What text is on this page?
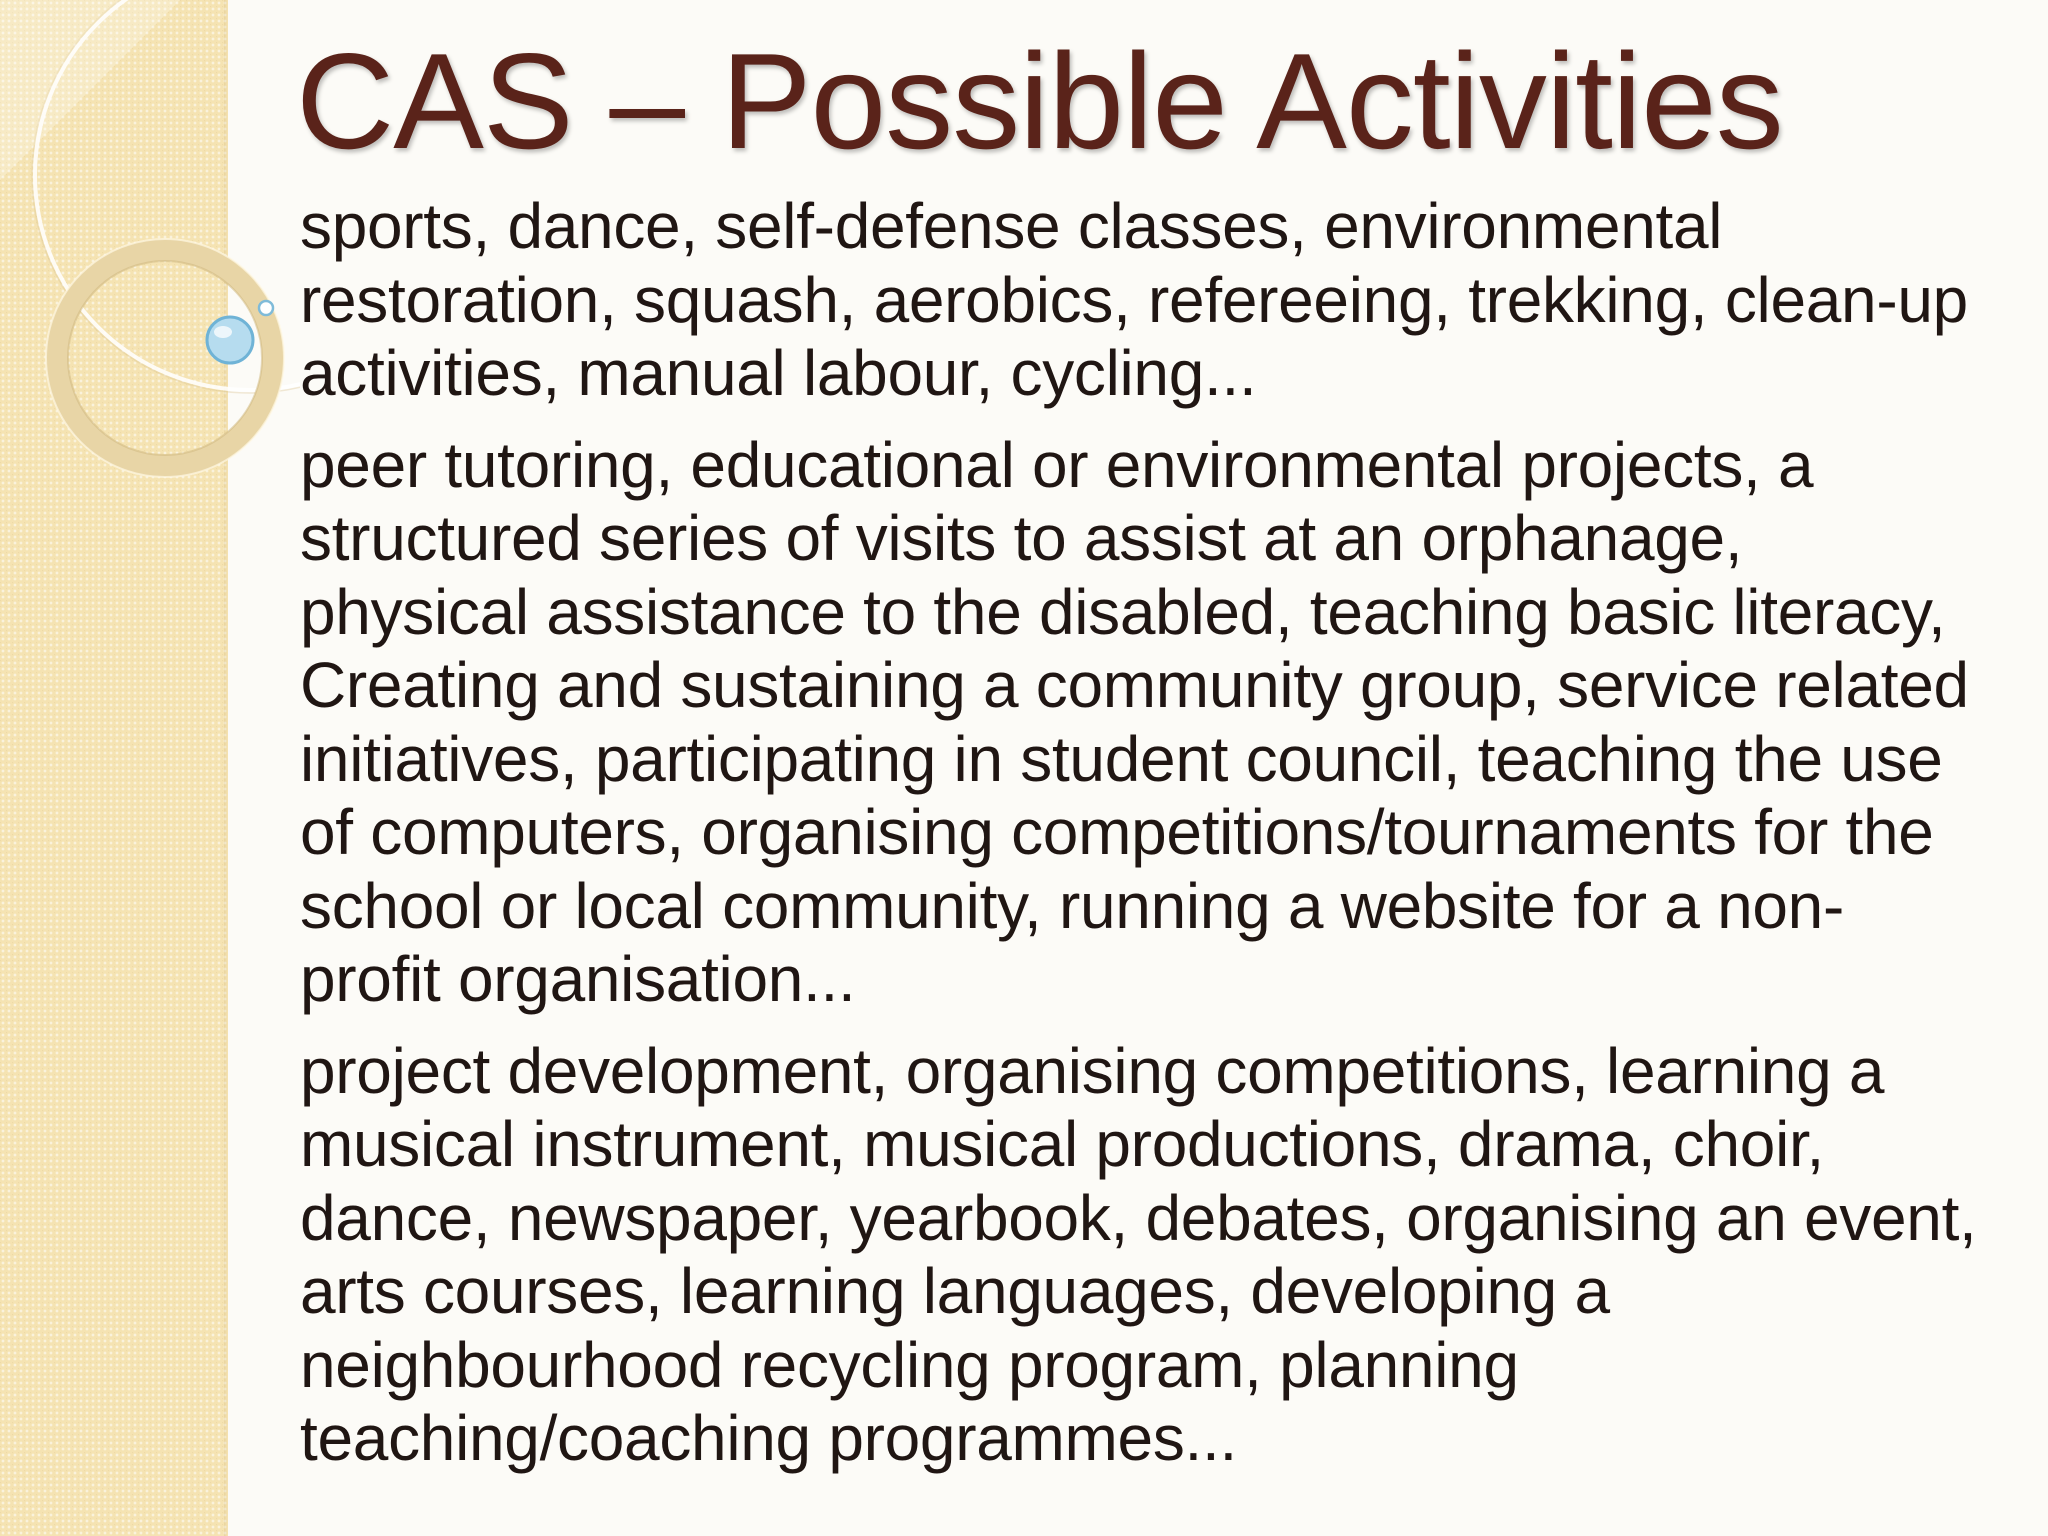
CAS – Possible Activities

sports, dance, self-defense classes, environmental restoration, squash, aerobics, refereeing, trekking, clean-up activities, manual labour, cycling...

peer tutoring, educational or environmental projects, a structured series of visits to assist at an orphanage, physical assistance to the disabled, teaching basic literacy, Creating and sustaining a community group, service related initiatives, participating in student council, teaching the use of computers, organising competitions/tournaments for the school or local community, running a website for a non-profit organisation...

project development, organising competitions, learning a musical instrument, musical productions, drama, choir, dance, newspaper, yearbook, debates, organising an event, arts courses, learning languages, developing a neighbourhood recycling program, planning teaching/coaching programmes...
